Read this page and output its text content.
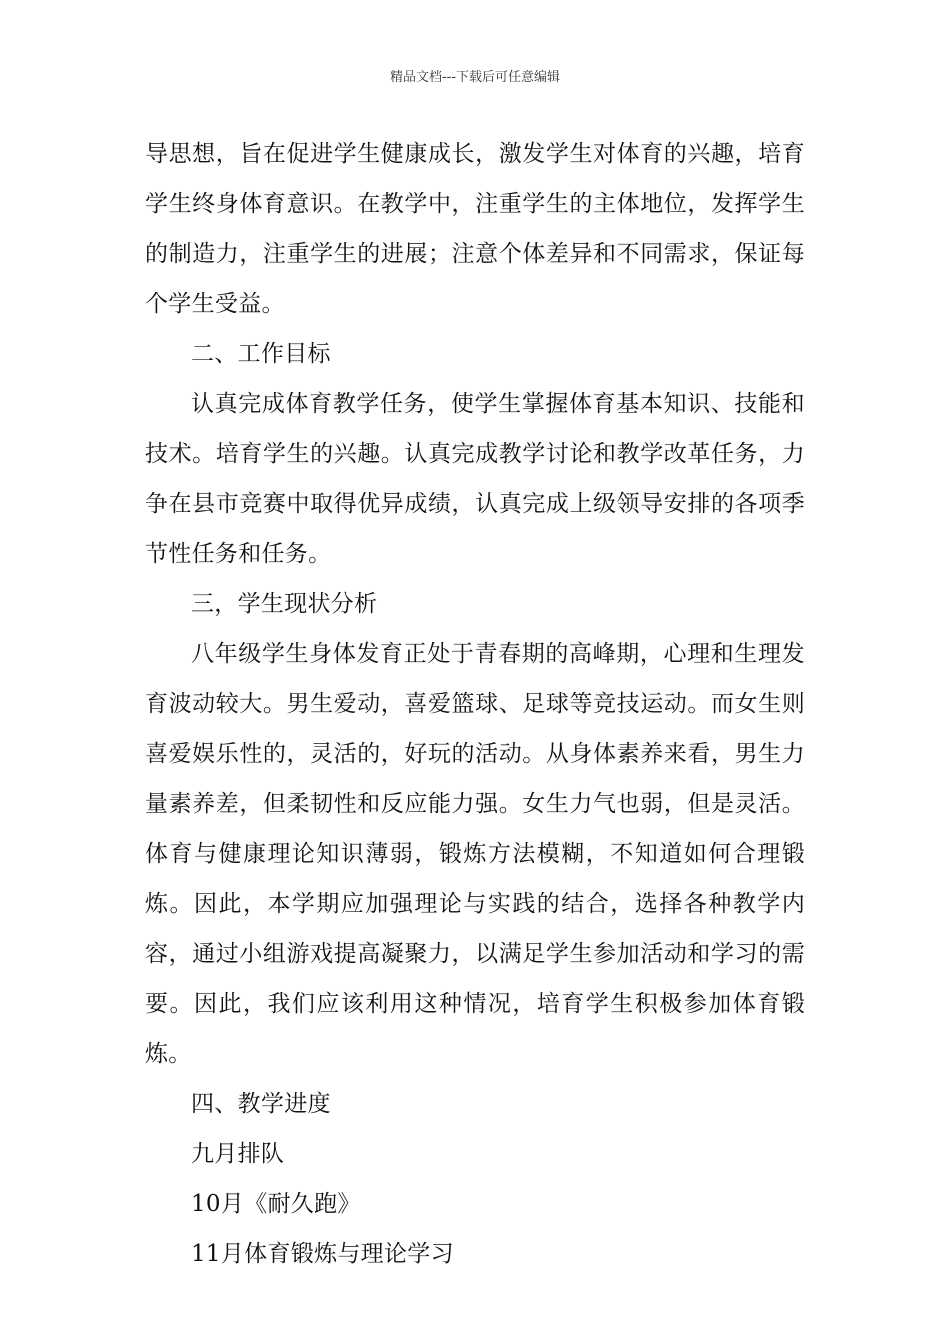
精品文档---下载后可任意编辑

导思想，旨在促进学生健康成长，激发学生对体育的兴趣，培育学生终身体育意识。在教学中，注重学生的主体地位，发挥学生的制造力，注重学生的进展；注意个体差异和不同需求，保证每个学生受益。

二、工作目标

认真完成体育教学任务，使学生掌握体育基本知识、技能和技术。培育学生的兴趣。认真完成教学讨论和教学改革任务，力争在县市竞赛中取得优异成绩，认真完成上级领导安排的各项季节性任务和任务。

三，学生现状分析

八年级学生身体发育正处于青春期的高峰期，心理和生理发育波动较大。男生爱动，喜爱篮球、足球等竞技运动。而女生则喜爱娱乐性的，灵活的，好玩的活动。从身体素养来看，男生力量素养差，但柔韧性和反应能力强。女生力气也弱，但是灵活。体育与健康理论知识薄弱，锻炼方法模糊，不知道如何合理锻炼。因此，本学期应加强理论与实践的结合，选择各种教学内容，通过小组游戏提高凝聚力，以满足学生参加活动和学习的需要。因此，我们应该利用这种情况，培育学生积极参加体育锻炼。

四、教学进度

九月排队

10月《耐久跑》

11月体育锻炼与理论学习
